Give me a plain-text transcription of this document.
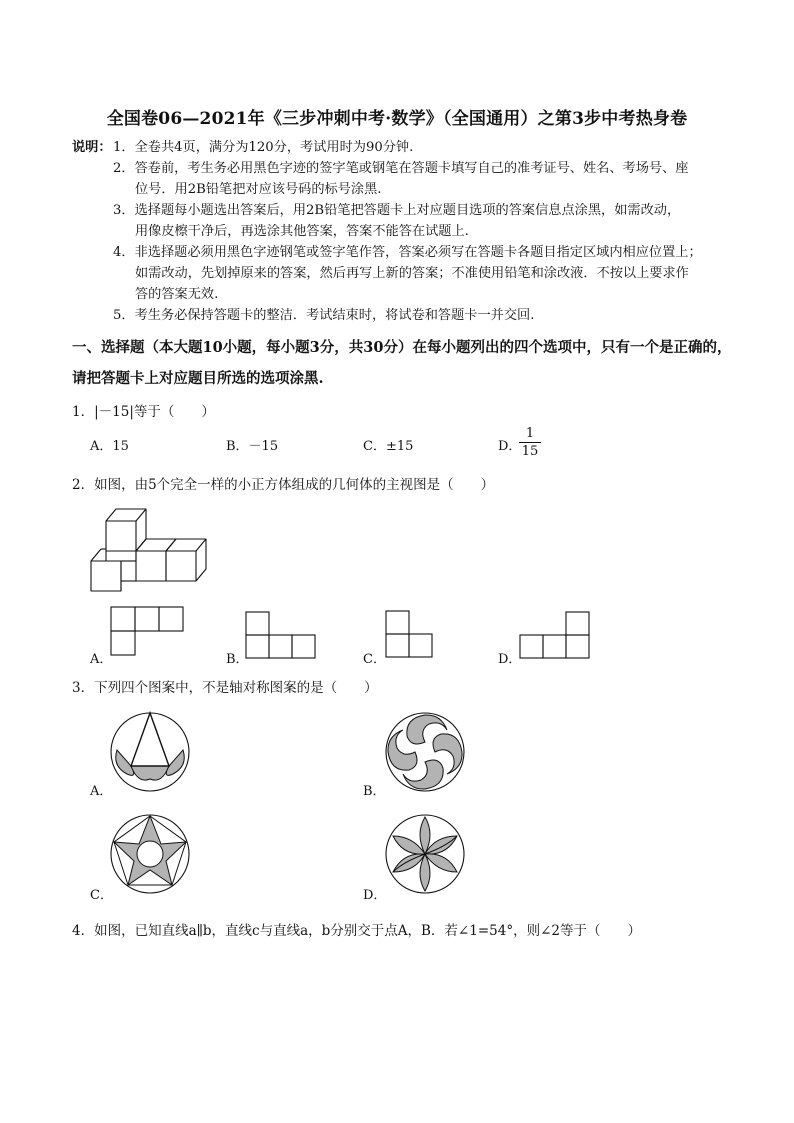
全国卷06—2021年《三步冲刺中考·数学》（全国通用）之第3步中考热身卷
说明： 1．全卷共4页，满分为120分，考试用时为90分钟.
2．答卷前，考生务必用黑色字迹的签字笔或钢笔在答题卡填写自己的准考证号、姓名、考场号、座
位号．用2B铅笔把对应该号码的标号涂黑.
3．选择题每小题选出答案后，用2B铅笔把答题卡上对应题目选项的答案信息点涂黑，如需改动，
用像皮檫干净后，再选涂其他答案，答案不能答在试题上.
4．非选择题必须用黑色字迹钢笔或签字笔作答，答案必须写在答题卡各题目指定区域内相应位置上；
如需改动，先划掉原来的答案，然后再写上新的答案；不准使用铅笔和涂改液．不按以上要求作
答的答案无效.
5．考生务必保持答题卡的整洁．考试结束时，将试卷和答题卡一并交回.
一、选择题（本大题10小题，每小题3分，共30分）在每小题列出的四个选项中，只有一个是正确的，
请把答题卡上对应题目所选的选项涂黑.
1．|－15|等于（　　）
A．15	B．－15	C．±15	D．
1
15
2．如图，由5个完全一样的小正方体组成的几何体的主视图是（　　）
A．	B．	C．	D．
3．下列四个图案中，不是轴对称图案的是（　　）
A．	B．
C．	D．
4．如图，已知直线a∥b，直线c与直线a，b分别交于点A，B．若∠1=54°，则∠2等于（　　）
